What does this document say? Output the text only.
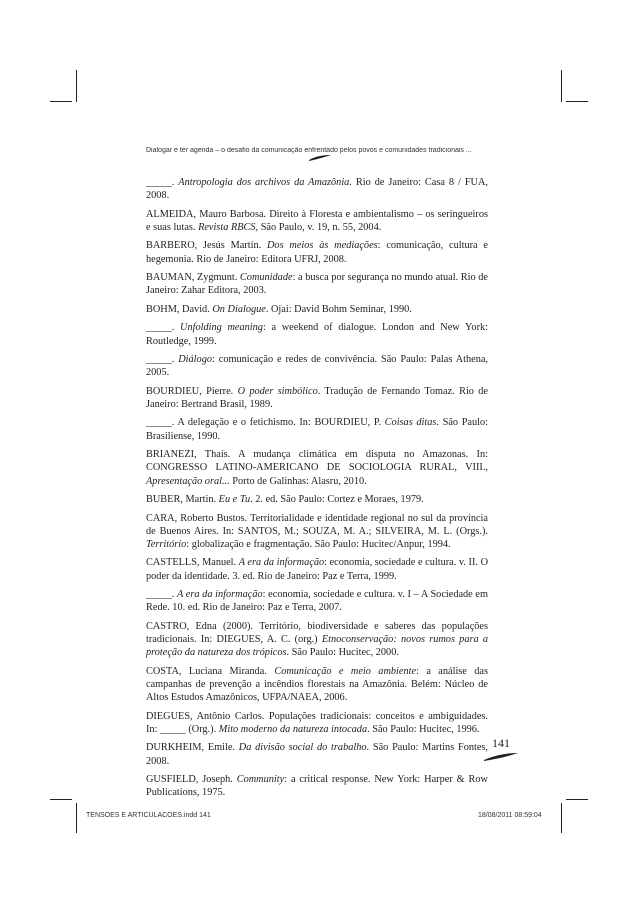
Dialogar e ter agenda – o desafio da comunicação enfrentado pelos povos e comunidades tradicionais ...

_____. Antropologia dos archivos da Amazônia. Rio de Janeiro: Casa 8 / FUA, 2008.

ALMEIDA, Mauro Barbosa. Direito à Floresta e ambientalismo – os seringueiros e suas lutas. Revista RBCS, São Paulo, v. 19, n. 55, 2004.

BARBERO, Jesús Martín. Dos meios às mediações: comunicação, cultura e hegemonia. Rio de Janeiro: Editora UFRJ, 2008.

BAUMAN, Zygmunt. Comunidade: a busca por segurança no mundo atual. Rio de Janeiro: Zahar Editora, 2003.

BOHM, David. On Dialogue. Ojai: David Bohm Seminar, 1990.

_____. Unfolding meaning: a weekend of dialogue. London and New York: Routledge, 1999.

_____. Diálogo: comunicação e redes de convivência. São Paulo: Palas Athena, 2005.

BOURDIEU, Pierre. O poder simbólico. Tradução de Fernando Tomaz. Rio de Janeiro: Bertrand Brasil, 1989.

_____. A delegação e o fetichismo. In: BOURDIEU, P. Coisas ditas. São Paulo: Brasiliense, 1990.

BRIANEZI, Thaís. A mudança climática em disputa no Amazonas. In: CONGRESSO LATINO-AMERICANO DE SOCIOLOGIA RURAL, VIII., Apresentação oral... Porto de Galinhas: Alasru, 2010.

BUBER, Martin. Eu e Tu. 2. ed. São Paulo: Cortez e Moraes, 1979.

CARA, Roberto Bustos. Territorialidade e identidade regional no sul da província de Buenos Aires. In: SANTOS, M.; SOUZA, M. A.; SILVEIRA, M. L. (Orgs.). Território: globalização e fragmentação. São Paulo: Hucitec/Anpur, 1994.

CASTELLS, Manuel. A era da informação: economia, sociedade e cultura. v. II. O poder da identidade. 3. ed. Rio de Janeiro: Paz e Terra, 1999.

_____. A era da informação: economia, sociedade e cultura. v. I – A Sociedade em Rede. 10. ed. Rio de Janeiro: Paz e Terra, 2007.

CASTRO, Edna (2000). Território, biodiversidade e saberes das populações tradicionais. In: DIEGUES, A. C. (org.) Etnoconservação: novos rumos para a proteção da natureza dos trópicos. São Paulo: Hucitec, 2000.

COSTA, Luciana Miranda. Comunicação e meio ambiente: a análise das campanhas de prevenção a incêndios florestais na Amazônia. Belém: Núcleo de Altos Estudos Amazônicos, UFPA/NAEA, 2006.

DIEGUES, Antônio Carlos. Populações tradicionais: conceitos e ambiguidades. In: _____ (Org.). Mito moderno da natureza intocada. São Paulo: Hucitec, 1996.

DURKHEIM, Emile. Da divisão social do trabalho. São Paulo: Martins Fontes, 2008.

GUSFIELD, Joseph. Community: a critical response. New York: Harper & Row Publications, 1975.

141
TENSOES E ARTICULACOES.indd 141	18/08/2011 08:59:04
